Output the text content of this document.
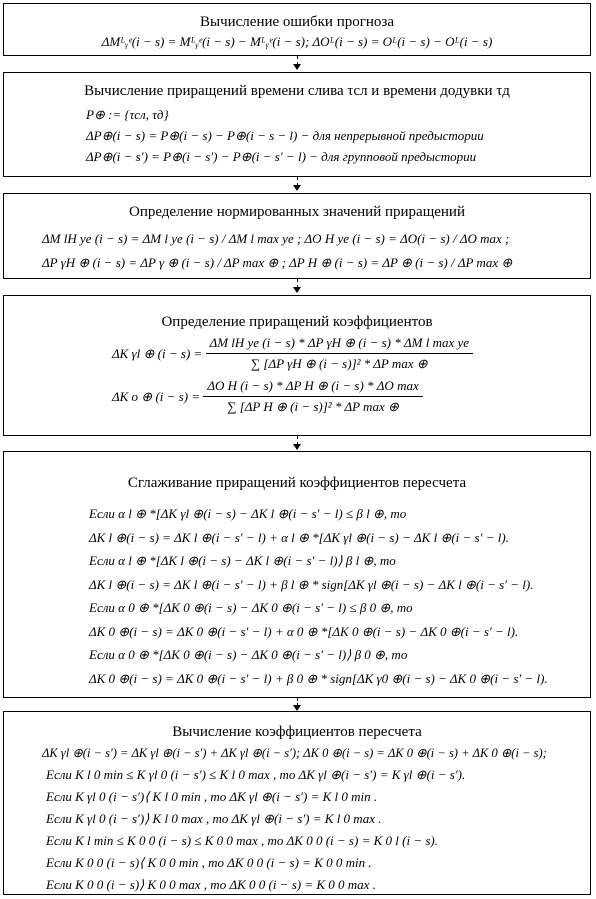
Вычисление ошибки прогноза
ΔMᴸᵧᵉ(i − s) = Mᴸᵧᵉ(i − s) − Mᴸᵧᵉ(i − s); ΔOᴸ(i − s) = Oᴸ(i − s) − Oᴸ(i − s)
Вычисление приращений времени слива τсл и времени додувки τд
P⊕ := {τсл, τд}
ΔP⊕(i − s) = P⊕(i − s) − P⊕(i − s − l) − для непрерывной предыстории
ΔP⊕(i − s′) = P⊕(i − s′) − P⊕(i − s′ − l) − для групповой предыстории
Определение нормированных значений приращений
ΔM lH уе (i − s) = ΔM l уе (i − s) / ΔM l max уе ; ΔO H уе (i − s) = ΔO(i − s) / ΔO max ;
ΔP γH ⊕ (i − s) = ΔP γ ⊕ (i − s) / ΔP max ⊕ ; ΔP H ⊕ (i − s) = ΔP ⊕ (i − s) / ΔP max ⊕
Определение приращений коэффициентов
ΔK γl ⊕ $(i - s) = \frac{\text{ΔM lH уе (i − s) * ΔP γH ⊕ (i − s) * ΔM l max уе}}{\text{∑ [ΔP γH ⊕ (i − s)]² * ΔP max ⊕}}$
ΔK o ⊕ $(i - s) = \frac{\text{ΔO H (i − s) * ΔP H ⊕ (i − s) * ΔO max}}{\text{∑ [ΔP H ⊕ (i − s)]² * ΔP max ⊕}}$
Сглаживание приращений коэффициентов пересчета
Если α l ⊕ *[ΔK γl ⊕(i − s) − ΔK l ⊕(i − s′ − l) ≤ β l ⊕, то
ΔK l ⊕(i − s) = ΔK l ⊕(i − s′ − l) + α l ⊕ *[ΔK γl ⊕(i − s) − ΔK l ⊕(i − s′ − l).
Если α l ⊕ *[ΔK l ⊕(i − s) − ΔK l ⊕(i − s′ − l)⟩ β l ⊕, то
ΔK l ⊕(i − s) = ΔK l ⊕(i − s′ − l) + β l ⊕ * sign[ΔK γl ⊕(i − s) − ΔK l ⊕(i − s′ − l).
Если α 0 ⊕ *[ΔK 0 ⊕(i − s) − ΔK 0 ⊕(i − s′ − l) ≤ β 0 ⊕, то
ΔK 0 ⊕(i − s) = ΔK 0 ⊕(i − s′ − l) + α 0 ⊕ *[ΔK 0 ⊕(i − s) − ΔK 0 ⊕(i − s′ − l).
Если α 0 ⊕ *[ΔK 0 ⊕(i − s) − ΔK 0 ⊕(i − s′ − l)⟩ β 0 ⊕, то
ΔK 0 ⊕(i − s) = ΔK 0 ⊕(i − s′ − l) + β 0 ⊕ * sign[ΔK γ0 ⊕(i − s) − ΔK 0 ⊕(i − s′ − l).
Вычисление коэффициентов пересчета
ΔK γl ⊕(i − s′) = ΔK γl ⊕(i − s′) + ΔK γl ⊕(i − s′); ΔK 0 ⊕(i − s) = ΔK 0 ⊕(i − s) + ΔK 0 ⊕(i − s);
Если K l 0 min ≤ K γl 0 (i − s′) ≤ K l 0 max , то ΔK γl ⊕(i − s′) = K γl ⊕(i − s′).
Если K γl 0 (i − s′)⟨ K l 0 min , то ΔK γl ⊕(i − s′) = K l 0 min .
Если K γl 0 (i − s′)⟩ K l 0 max , то ΔK γl ⊕(i − s′) = K l 0 max .
Если K l min ≤ K 0 0 (i − s) ≤ K 0 0 max , то ΔK 0 0 (i − s) = K 0 l (i − s).
Если K 0 0 (i − s)⟨ K 0 0 min , то ΔK 0 0 (i − s) = K 0 0 min .
Если K 0 0 (i − s)⟩ K 0 0 max , то ΔK 0 0 (i − s) = K 0 0 max .
